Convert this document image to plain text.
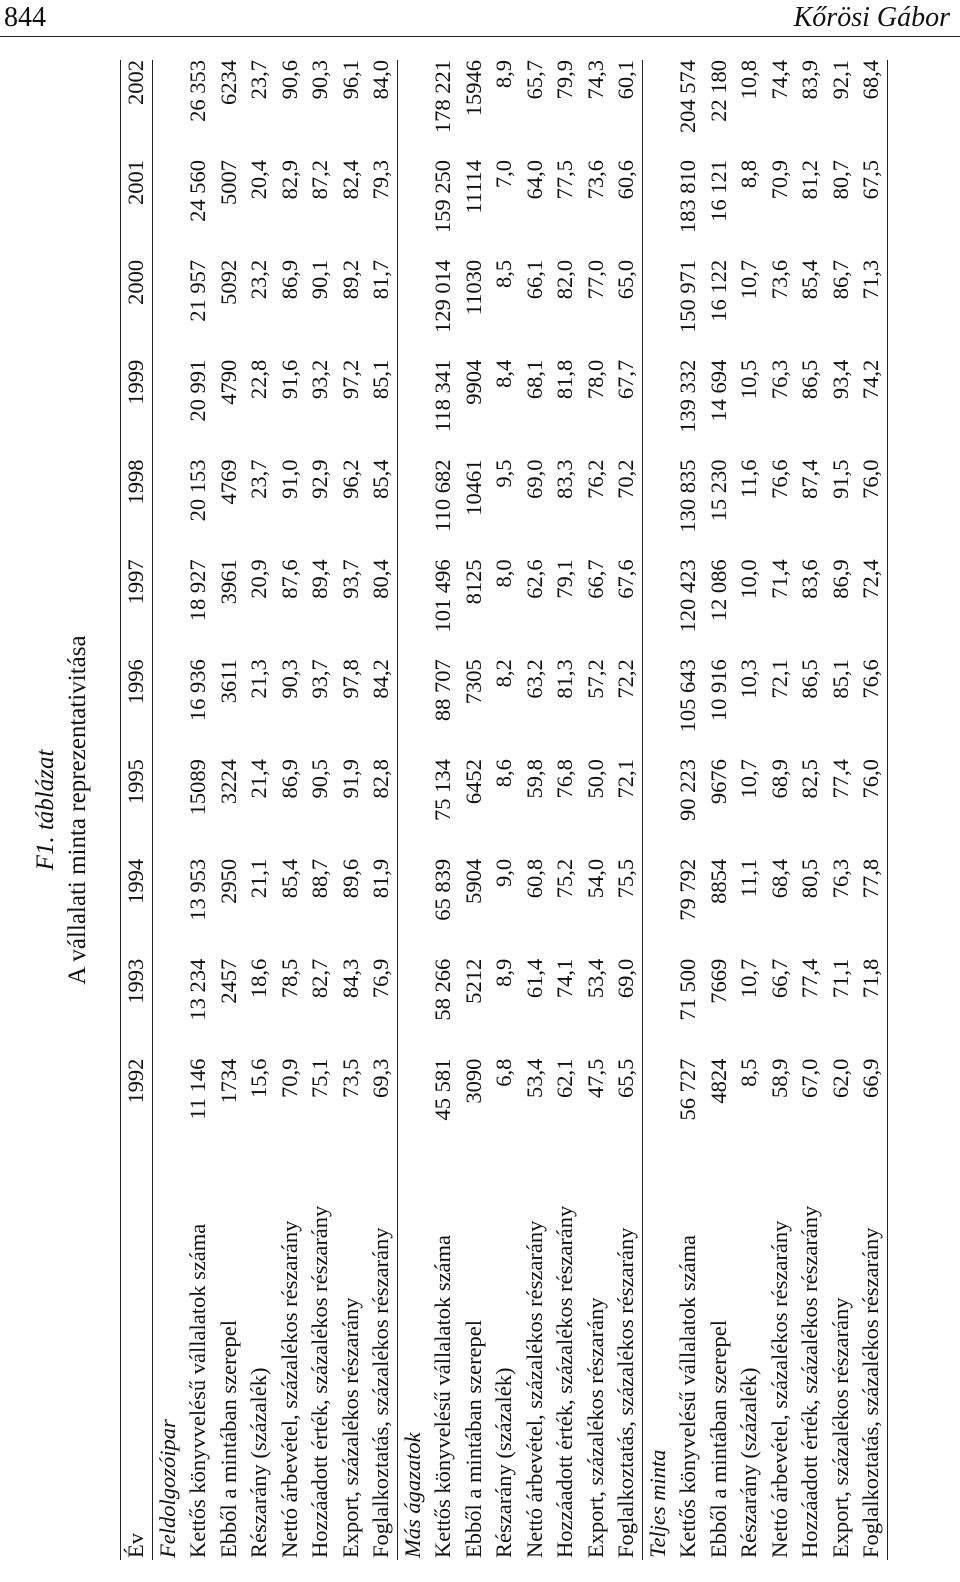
844	Kőrösi Gábor
F1. táblázat A vállalati minta reprezentativitása
Év	1992	1993	1994	1995	1996	1997	1998	1999	2000	2001	2002
Feldolgozóipar											
Kettős könyvvelésű vállalatok száma	11 146	13 234	13 953	15089	16 936	18 927	20 153	20 991	21 957	24 560	26 353
Ebből a mintában szerepel	1734	2457	2950	3224	3611	3961	4769	4790	5092	5007	6234
Részarány (százalék)	15,6	18,6	21,1	21,4	21,3	20,9	23,7	22,8	23,2	20,4	23,7
Nettó árbevétel, százalékos részarány	70,9	78,5	85,4	86,9	90,3	87,6	91,0	91,6	86,9	82,9	90,6
Hozzáadott érték, százalékos részarány	75,1	82,7	88,7	90,5	93,7	89,4	92,9	93,2	90,1	87,2	90,3
Export, százalékos részarány	73,5	84,3	89,6	91,9	97,8	93,7	96,2	97,2	89,2	82,4	96,1
Foglalkoztatás, százalékos részarány	69,3	76,9	81,9	82,8	84,2	80,4	85,4	85,1	81,7	79,3	84,0
Más ágazatok											
Kettős könyvelésű vállalatok száma	45 581	58 266	65 839	75 134	88 707	101 496	110 682	118 341	129 014	159 250	178 221
Ebből a mintában szerepel	3090	5212	5904	6452	7305	8125	10461	9904	11030	11114	15946
Részarány (százalék)	6,8	8,9	9,0	8,6	8,2	8,0	9,5	8,4	8,5	7,0	8,9
Nettó árbevétel, százalékos részarány	53,4	61,4	60,8	59,8	63,2	62,6	69,0	68,1	66,1	64,0	65,7
Hozzáadott érték, százalékos részarány	62,1	74,1	75,2	76,8	81,3	79,1	83,3	81,8	82,0	77,5	79,9
Export, százalékos részarány	47,5	53,4	54,0	50,0	57,2	66,7	76,2	78,0	77,0	73,6	74,3
Foglalkoztatás, százalékos részarány	65,5	69,0	75,5	72,1	72,2	67,6	70,2	67,7	65,0	60,6	60,1
Teljes minta											
Kettős könyvelésű vállalatok száma	56 727	71 500	79 792	90 223	105 643	120 423	130 835	139 332	150 971	183 810	204 574
Ebből a mintában szerepel	4824	7669	8854	9676	10 916	12 086	15 230	14 694	16 122	16 121	22 180
Részarány (százalék)	8,5	10,7	11,1	10,7	10,3	10,0	11,6	10,5	10,7	8,8	10,8
Nettó árbevétel, százalékos részarány	58,9	66,7	68,4	68,9	72,1	71,4	76,6	76,3	73,6	70,9	74,4
Hozzáadott érték, százalékos részarány	67,0	77,4	80,5	82,5	86,5	83,6	87,4	86,5	85,4	81,2	83,9
Export, százalékos részarány	62,0	71,1	76,3	77,4	85,1	86,9	91,5	93,4	86,7	80,7	92,1
Foglalkoztatás, százalékos részarány	66,9	71,8	77,8	76,0	76,6	72,4	76,0	74,2	71,3	67,5	68,4
